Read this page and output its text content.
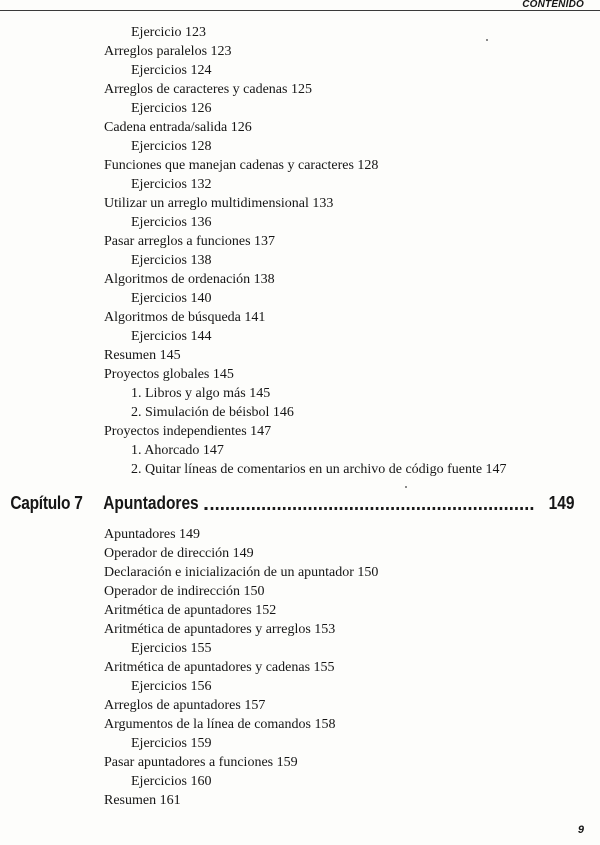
CONTENIDO
Ejercicio 123
Arreglos paralelos 123
Ejercicios 124
Arreglos de caracteres y cadenas 125
Ejercicios 126
Cadena entrada/salida 126
Ejercicios 128
Funciones que manejan cadenas y caracteres 128
Ejercicios 132
Utilizar un arreglo multidimensional 133
Ejercicios 136
Pasar arreglos a funciones 137
Ejercicios 138
Algoritmos de ordenación 138
Ejercicios 140
Algoritmos de búsqueda 141
Ejercicios 144
Resumen 145
Proyectos globales 145
1. Libros y algo más 145
2. Simulación de béisbol 146
Proyectos independientes 147
1. Ahorcado 147
2. Quitar líneas de comentarios en un archivo de código fuente 147
Capítulo 7 Apuntadores	149
Apuntadores 149
Operador de dirección 149
Declaración e inicialización de un apuntador 150
Operador de indirección 150
Aritmética de apuntadores 152
Aritmética de apuntadores y arreglos 153
Ejercicios 155
Aritmética de apuntadores y cadenas 155
Ejercicios 156
Arreglos de apuntadores 157
Argumentos de la línea de comandos 158
Ejercicios 159
Pasar apuntadores a funciones 159
Ejercicios 160
Resumen 161
9
